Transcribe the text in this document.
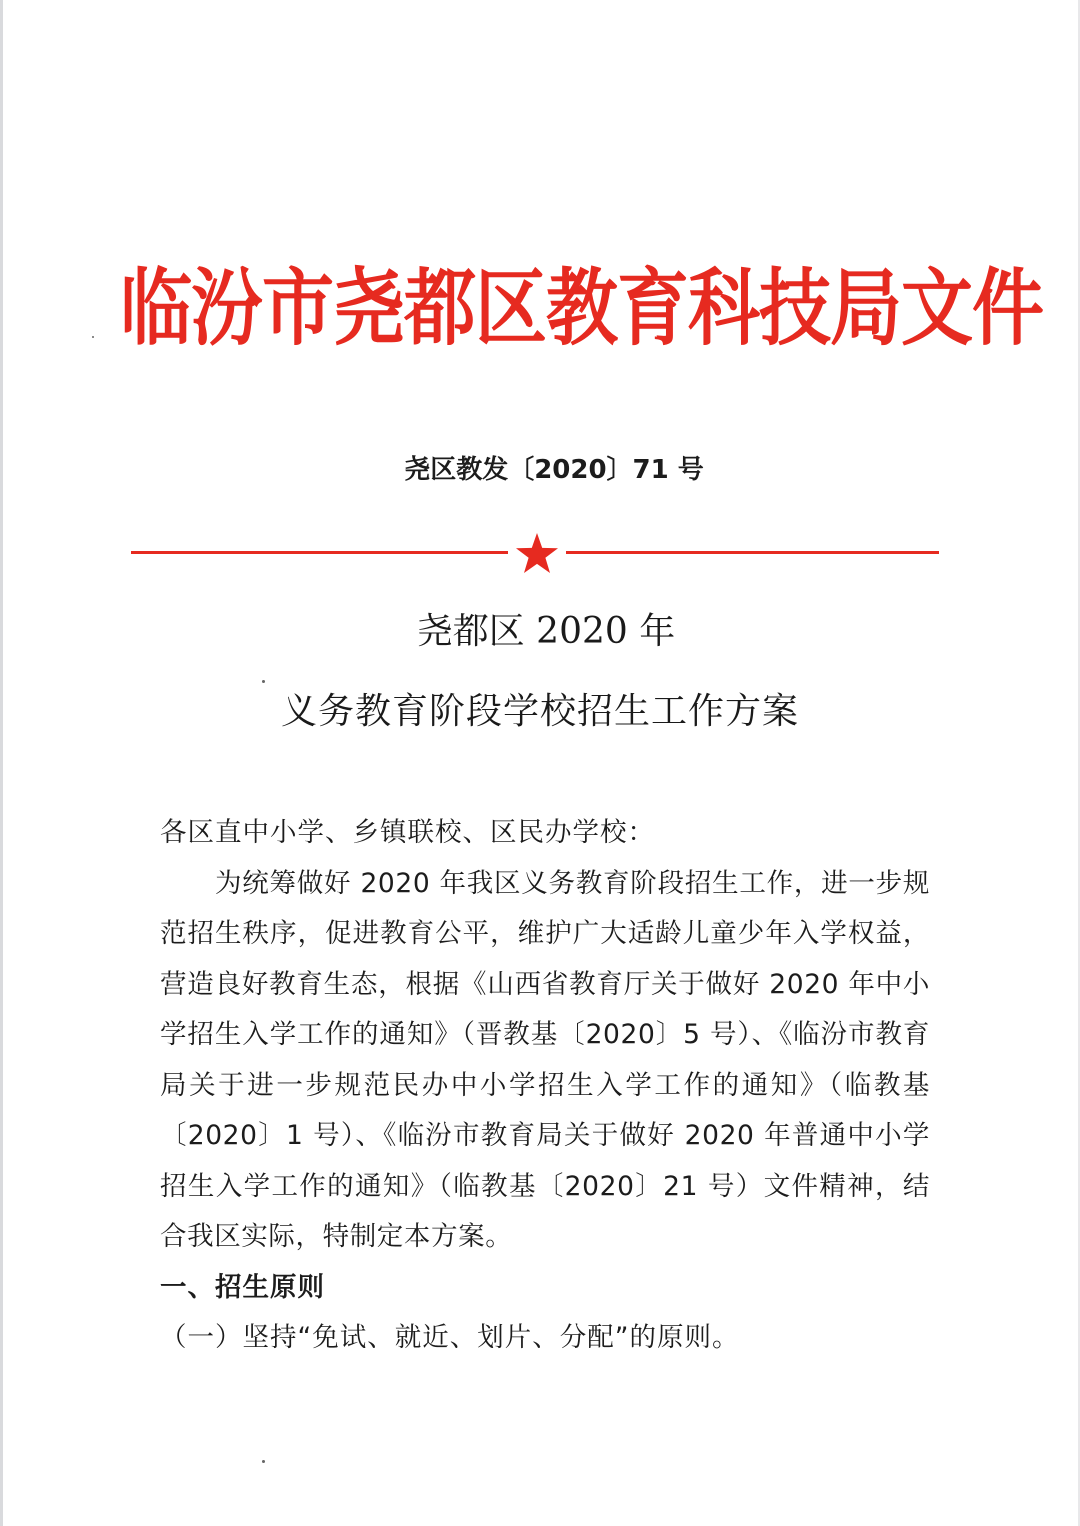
临汾市尧都区教育科技局文件
尧区教发〔2020〕71 号
尧都区 2020 年
义务教育阶段学校招生工作方案

各区直中小学、乡镇联校、区民办学校：

为统筹做好 2020 年我区义务教育阶段招生工作，进一步规范招生秩序，促进教育公平，维护广大适龄儿童少年入学权益，营造良好教育生态，根据《山西省教育厅关于做好 2020 年中小学招生入学工作的通知》（晋教基〔2020〕5 号）、《临汾市教育局关于进一步规范民办中小学招生入学工作的通知》（临教基〔2020〕1 号）、《临汾市教育局关于做好 2020 年普通中小学招生入学工作的通知》（临教基〔2020〕21 号）文件精神，结合我区实际，特制定本方案。

一、招生原则

（一）坚持“免试、就近、划片、分配”的原则。
